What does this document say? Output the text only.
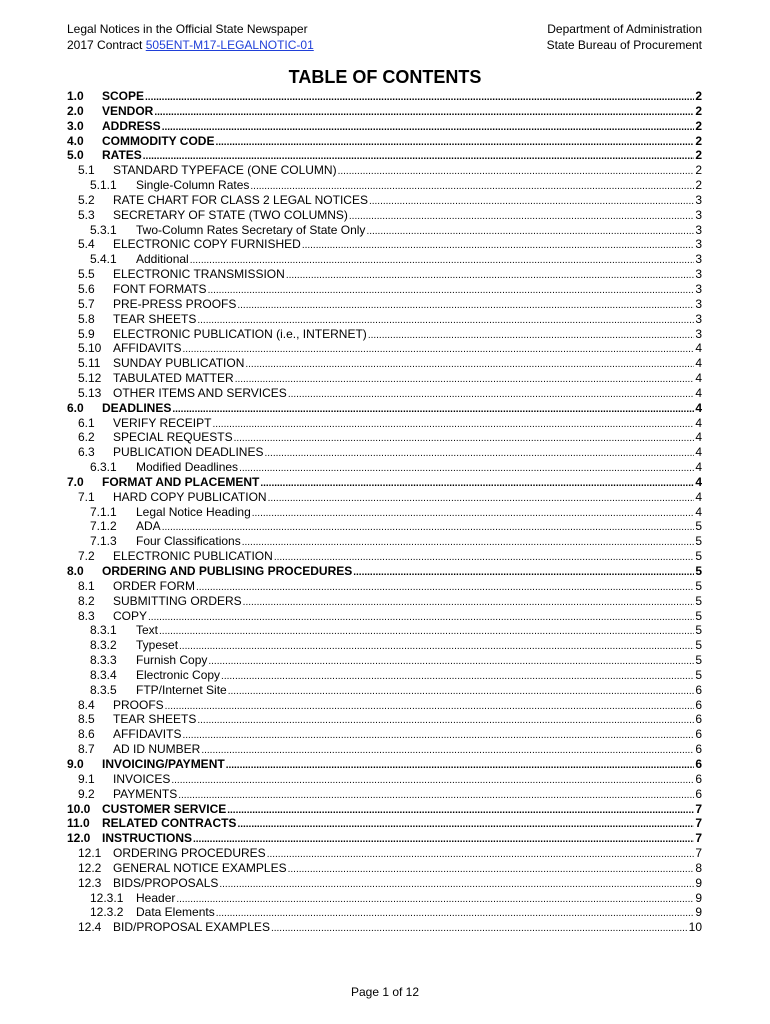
Legal Notices in the Official State Newspaper
2017 Contract 505ENT-M17-LEGALNOTIC-01
Department of Administration
State Bureau of Procurement
TABLE OF CONTENTS
1.0	SCOPE .....	2
2.0	VENDOR .....	2
3.0	ADDRESS .....	2
4.0	COMMODITY CODE .....	2
5.0	RATES .....	2
5.1	STANDARD TYPEFACE (ONE COLUMN) .....	2
5.1.1	Single-Column Rates .....	2
5.2	RATE CHART FOR CLASS 2 LEGAL NOTICES .....	3
5.3	SECRETARY OF STATE (TWO COLUMNS) .....	3
5.3.1	Two-Column Rates Secretary of State Only .....	3
5.4	ELECTRONIC COPY FURNISHED .....	3
5.4.1	Additional .....	3
5.5	ELECTRONIC TRANSMISSION .....	3
5.6	FONT FORMATS .....	3
5.7	PRE-PRESS PROOFS .....	3
5.8	TEAR SHEETS .....	3
5.9	ELECTRONIC PUBLICATION (i.e., INTERNET) .....	3
5.10 AFFIDAVITS .....	4
5.11	SUNDAY PUBLICATION .....	4
5.12 TABULATED MATTER .....	4
5.13 OTHER ITEMS AND SERVICES .....	4
6.0	DEADLINES .....	4
6.1	VERIFY RECEIPT .....	4
6.2	SPECIAL REQUESTS .....	4
6.3	PUBLICATION DEADLINES .....	4
6.3.1	Modified Deadlines .....	4
7.0	FORMAT AND PLACEMENT .....	4
7.1	HARD COPY PUBLICATION .....	4
7.1.1	Legal Notice Heading .....	4
7.1.2	ADA .....	5
7.1.3	Four Classifications .....	5
7.2	ELECTRONIC PUBLICATION .....	5
8.0	ORDERING AND PUBLISING PROCEDURES .....	5
8.1	ORDER FORM .....	5
8.2	SUBMITTING ORDERS .....	5
8.3	COPY .....	5
8.3.1	Text .....	5
8.3.2	Typeset .....	5
8.3.3	Furnish Copy .....	5
8.3.4	Electronic Copy .....	5
8.3.5	FTP/Internet Site .....	6
8.4	PROOFS .....	6
8.5	TEAR SHEETS .....	6
8.6	AFFIDAVITS .....	6
8.7	AD ID NUMBER .....	6
9.0	INVOICING/PAYMENT .....	6
9.1	INVOICES .....	6
9.2	PAYMENTS .....	6
10.0 CUSTOMER SERVICE .....	7
11.0	RELATED CONTRACTS .....	7
12.0 INSTRUCTIONS .....	7
12.1 ORDERING PROCEDURES .....	7
12.2 GENERAL NOTICE EXAMPLES .....	8
12.3 BIDS/PROPOSALS .....	9
12.3.1	Header .....	9
12.3.2	Data Elements .....	9
12.4 BID/PROPOSAL EXAMPLES .....	10
Page 1 of 12
